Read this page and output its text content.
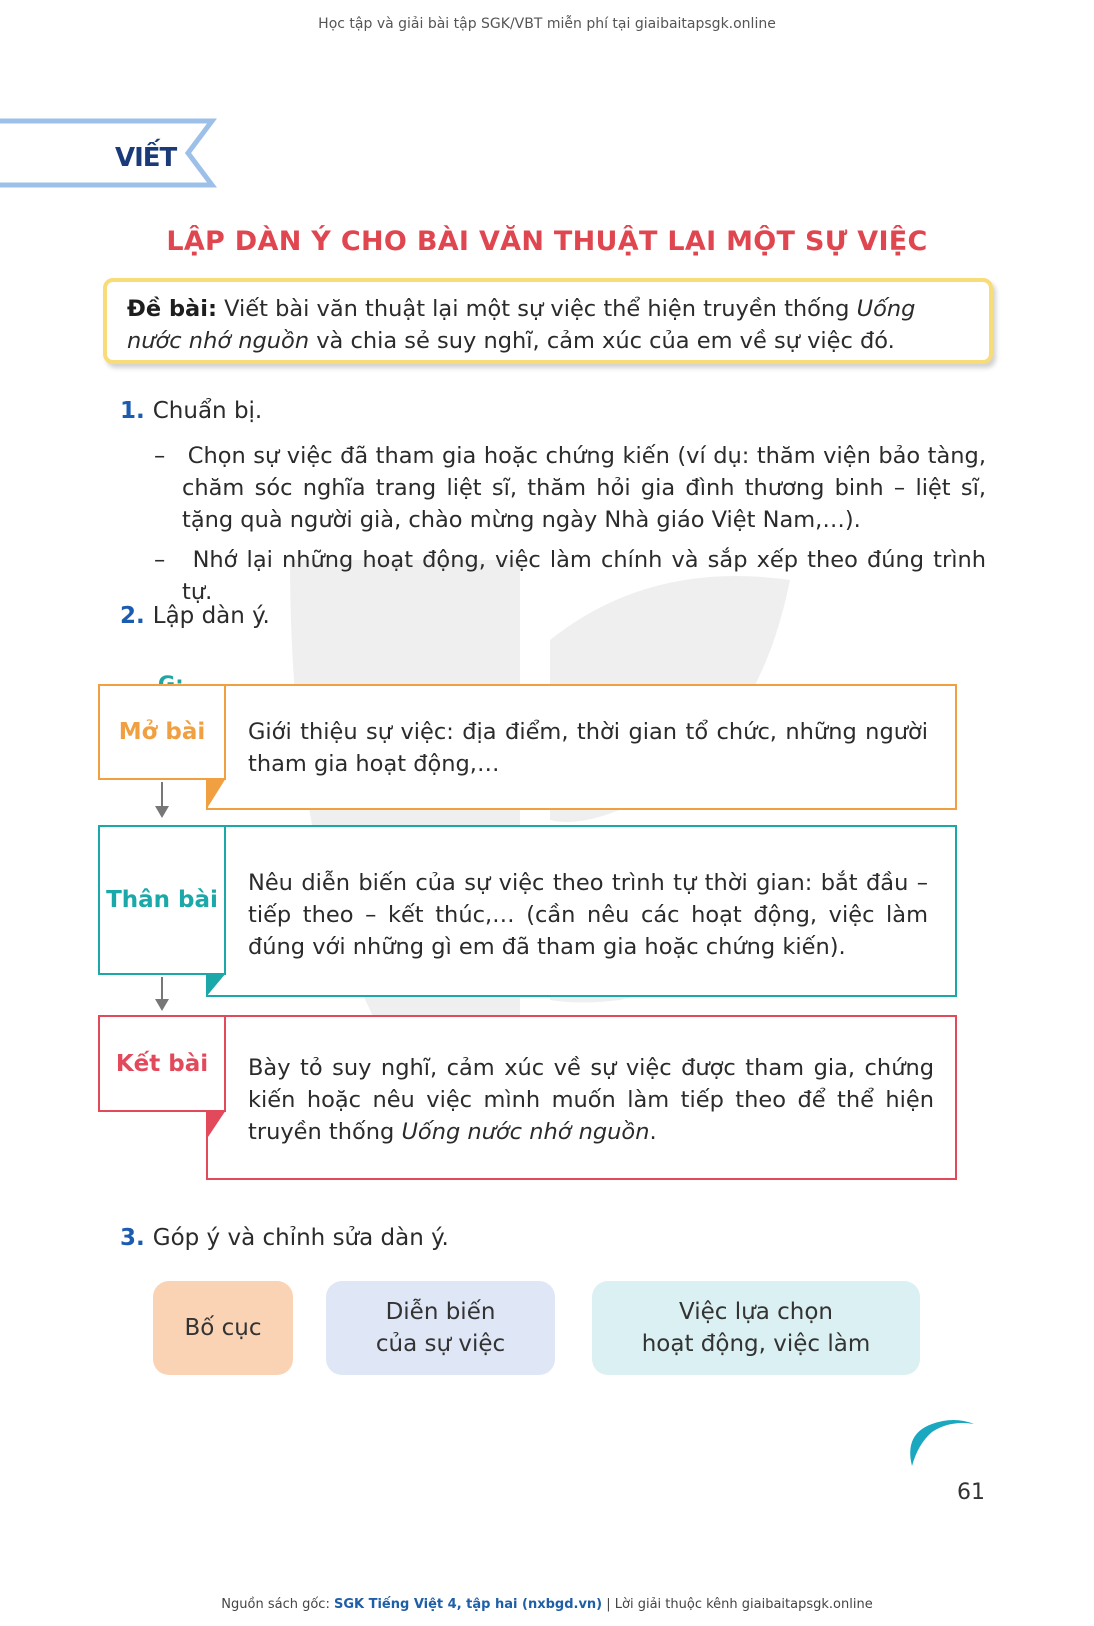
Học tập và giải bài tập SGK/VBT miễn phí tại giaibaitapsgk.online
VIẾT
LẬP DÀN Ý CHO BÀI VĂN THUẬT LẠI MỘT SỰ VIỆC
Đề bài: Viết bài văn thuật lại một sự việc thể hiện truyền thống Uống nước nhớ nguồn và chia sẻ suy nghĩ, cảm xúc của em về sự việc đó.
1. Chuẩn bị.
–   Chọn sự việc đã tham gia hoặc chứng kiến (ví dụ: thăm viện bảo tàng, chăm sóc nghĩa trang liệt sĩ, thăm hỏi gia đình thương binh – liệt sĩ, tặng quà người già, chào mừng ngày Nhà giáo Việt Nam,…).
–   Nhớ lại những hoạt động, việc làm chính và sắp xếp theo đúng trình tự.
2. Lập dàn ý.
Mở bài Giới thiệu sự việc: địa điểm, thời gian tổ chức, những người tham gia hoạt động,…
Thân bài
Nêu diễn biến của sự việc theo trình tự thời gian: bắt đầu – tiếp theo – kết thúc,… (cần nêu các hoạt động, việc làm đúng với những gì em đã tham gia hoặc chứng kiến).
Kết bài Bày tỏ suy nghĩ, cảm xúc về sự việc được tham gia, chứng kiến hoặc nêu việc mình muốn làm tiếp theo để thể hiện truyền thống Uống nước nhớ nguồn.
3. Góp ý và chỉnh sửa dàn ý.
Bố cục
Diễn biến
của sự việc
Việc lựa chọn
hoạt động, việc làm
61
Nguồn sách gốc: SGK Tiếng Việt 4, tập hai (nxbgd.vn) | Lời giải thuộc kênh giaibaitapsgk.online
